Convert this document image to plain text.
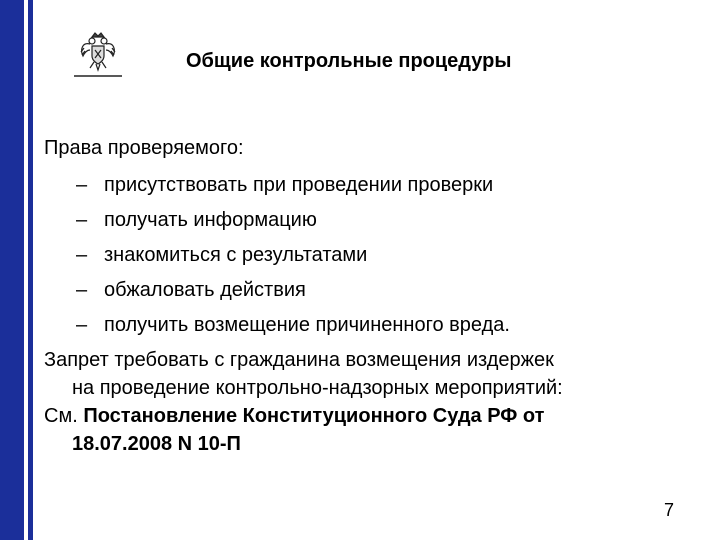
Общие контрольные процедуры
Права проверяемого:
– присутствовать при проведении проверки
– получать информацию
– знакомиться с результатами
– обжаловать действия
– получить возмещение причиненного вреда.
Запрет требовать с гражданина возмещения издержек
на проведение контрольно-надзорных мероприятий:
См. Постановление Конституционного Суда РФ от
18.07.2008 N 10-П
7
